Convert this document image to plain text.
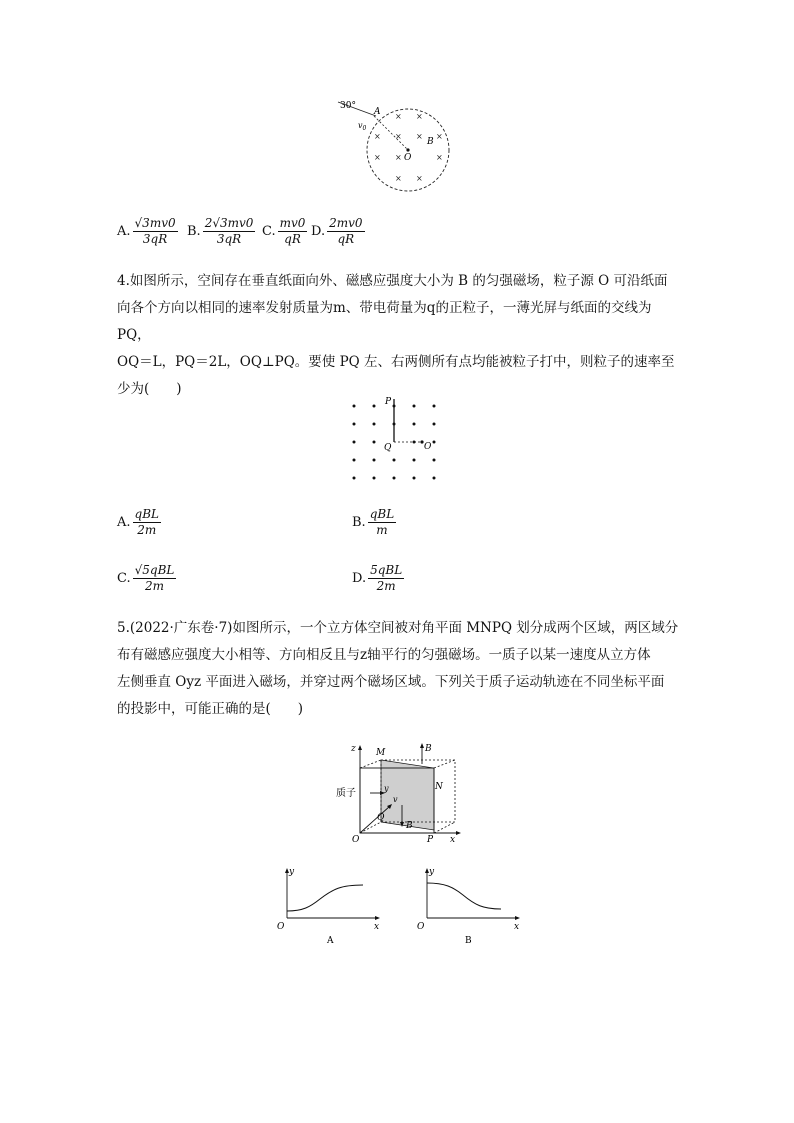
× ×
× × × ×
× ×	×
× ×
30°
A
$v_0$
B
O
A. $\frac{√3mv0}{3qR} B$. $\frac{2√3mv0}{3qR} C$. $\frac{mv0}{qR} D$. $\frac{2mv0}{qR}$
4.如图所示，空间存在垂直纸面向外、磁感应强度大小为 B 的匀强磁场，粒子源 O 可沿纸面
向各个方向以相同的速率发射质量为m、带电荷量为q的正粒子，一薄光屏与纸面的交线为 PQ，
OQ＝L，PQ＝2L，OQ⊥PQ。要使 PQ 左、右两侧所有点均能被粒子打中，则粒子的速率至
少为(　　)
P
Q	O
A. $\frac{\text{qBL}}{2m}$	B. $\frac{\text{qBL}}{m}$
C. $\frac{\text{√5qBL}}{2m}$	D. $\frac{\text{5qBL}}{2m}$
5.(2022·广东卷·7)如图所示，一个立方体空间被对角平面 MNPQ 划分成两个区域，两区域分
布有磁感应强度大小相等、方向相反且与z轴平行的匀强磁场。一质子以某一速度从立方体
左侧垂直 Oyz 平面进入磁场，并穿过两个磁场区域。下列关于质子运动轨迹在不同坐标平面
的投影中，可能正确的是(　　)
z M	B
质子	y
v
N
Q
B
O	P x
y
O	x
A
y
O	x
B
